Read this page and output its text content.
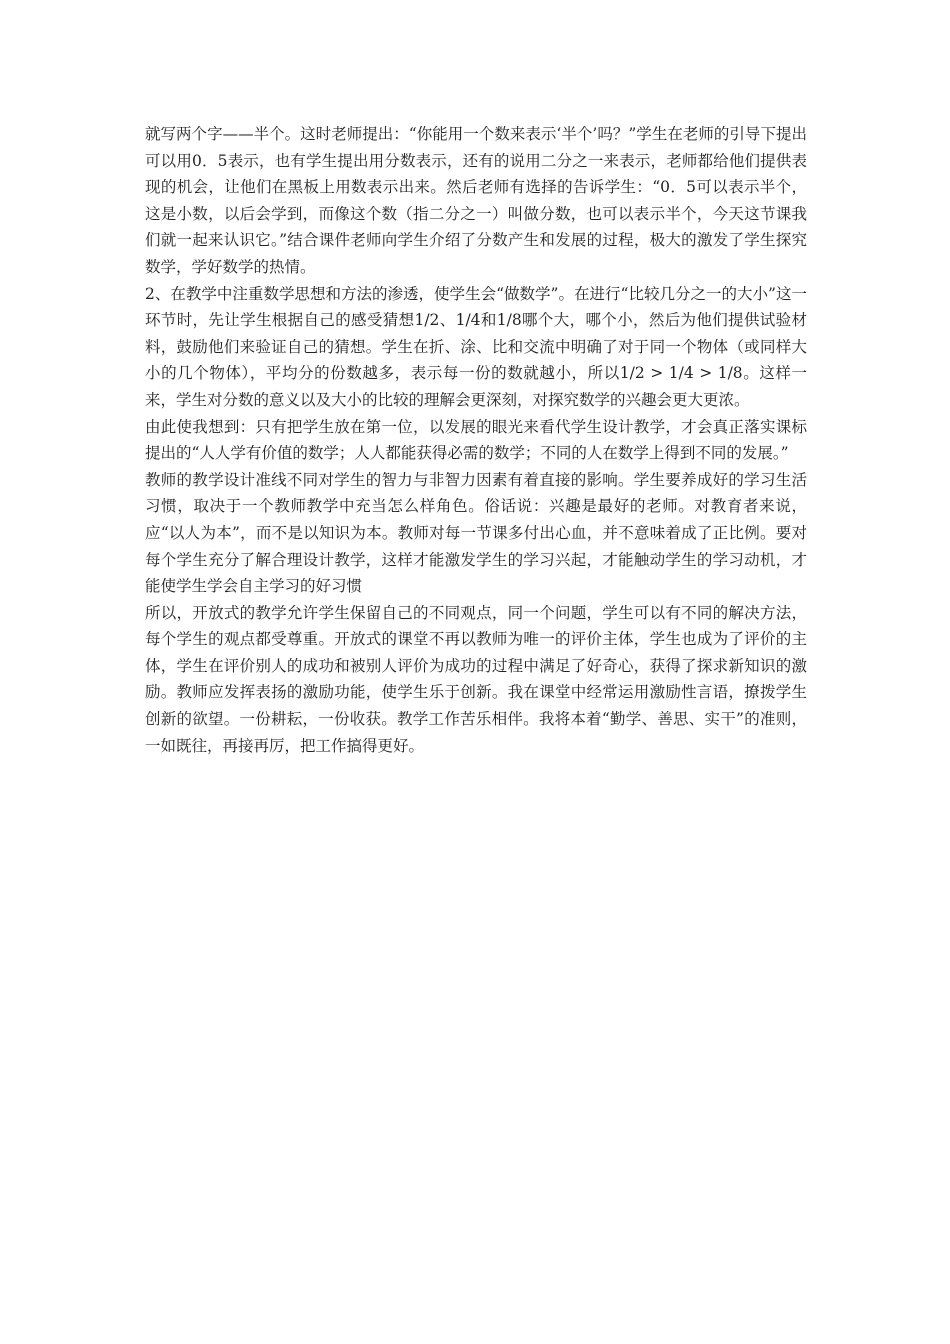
就写两个字——半个。这时老师提出：“你能用一个数来表示‘半个’吗？”学生在老师的引导下提出可以用0．5表示，也有学生提出用分数表示，还有的说用二分之一来表示，老师都给他们提供表现的机会，让他们在黑板上用数表示出来。然后老师有选择的告诉学生：“0．5可以表示半个，这是小数，以后会学到，而像这个数（指二分之一）叫做分数，也可以表示半个，今天这节课我们就一起来认识它。”结合课件老师向学生介绍了分数产生和发展的过程，极大的激发了学生探究数学，学好数学的热情。

2、在教学中注重数学思想和方法的渗透，使学生会“做数学”。在进行“比较几分之一的大小”这一环节时，先让学生根据自己的感受猜想1/2、1/4和1/8哪个大，哪个小，然后为他们提供试验材料，鼓励他们来验证自己的猜想。学生在折、涂、比和交流中明确了对于同一个物体（或同样大小的几个物体），平均分的份数越多，表示每一份的数就越小，所以1/2 > 1/4 > 1/8。这样一来，学生对分数的意义以及大小的比较的理解会更深刻，对探究数学的兴趣会更大更浓。

由此使我想到：只有把学生放在第一位，以发展的眼光来看代学生设计教学，才会真正落实课标提出的“人人学有价值的数学；人人都能获得必需的数学；不同的人在数学上得到不同的发展。”

教师的教学设计准线不同对学生的智力与非智力因素有着直接的影响。学生要养成好的学习生活习惯，取决于一个教师教学中充当怎么样角色。俗话说：兴趣是最好的老师。对教育者来说，应“以人为本”，而不是以知识为本。教师对每一节课多付出心血，并不意味着成了正比例。要对每个学生充分了解合理设计教学，这样才能激发学生的学习兴起，才能触动学生的学习动机，才能使学生学会自主学习的好习惯

所以，开放式的教学允许学生保留自己的不同观点，同一个问题，学生可以有不同的解决方法，每个学生的观点都受尊重。开放式的课堂不再以教师为唯一的评价主体，学生也成为了评价的主体，学生在评价别人的成功和被别人评价为成功的过程中满足了好奇心，获得了探求新知识的激励。教师应发挥表扬的激励功能，使学生乐于创新。我在课堂中经常运用激励性言语，撩拨学生创新的欲望。一份耕耘，一份收获。教学工作苦乐相伴。我将本着“勤学、善思、实干”的准则，一如既往，再接再厉，把工作搞得更好。
